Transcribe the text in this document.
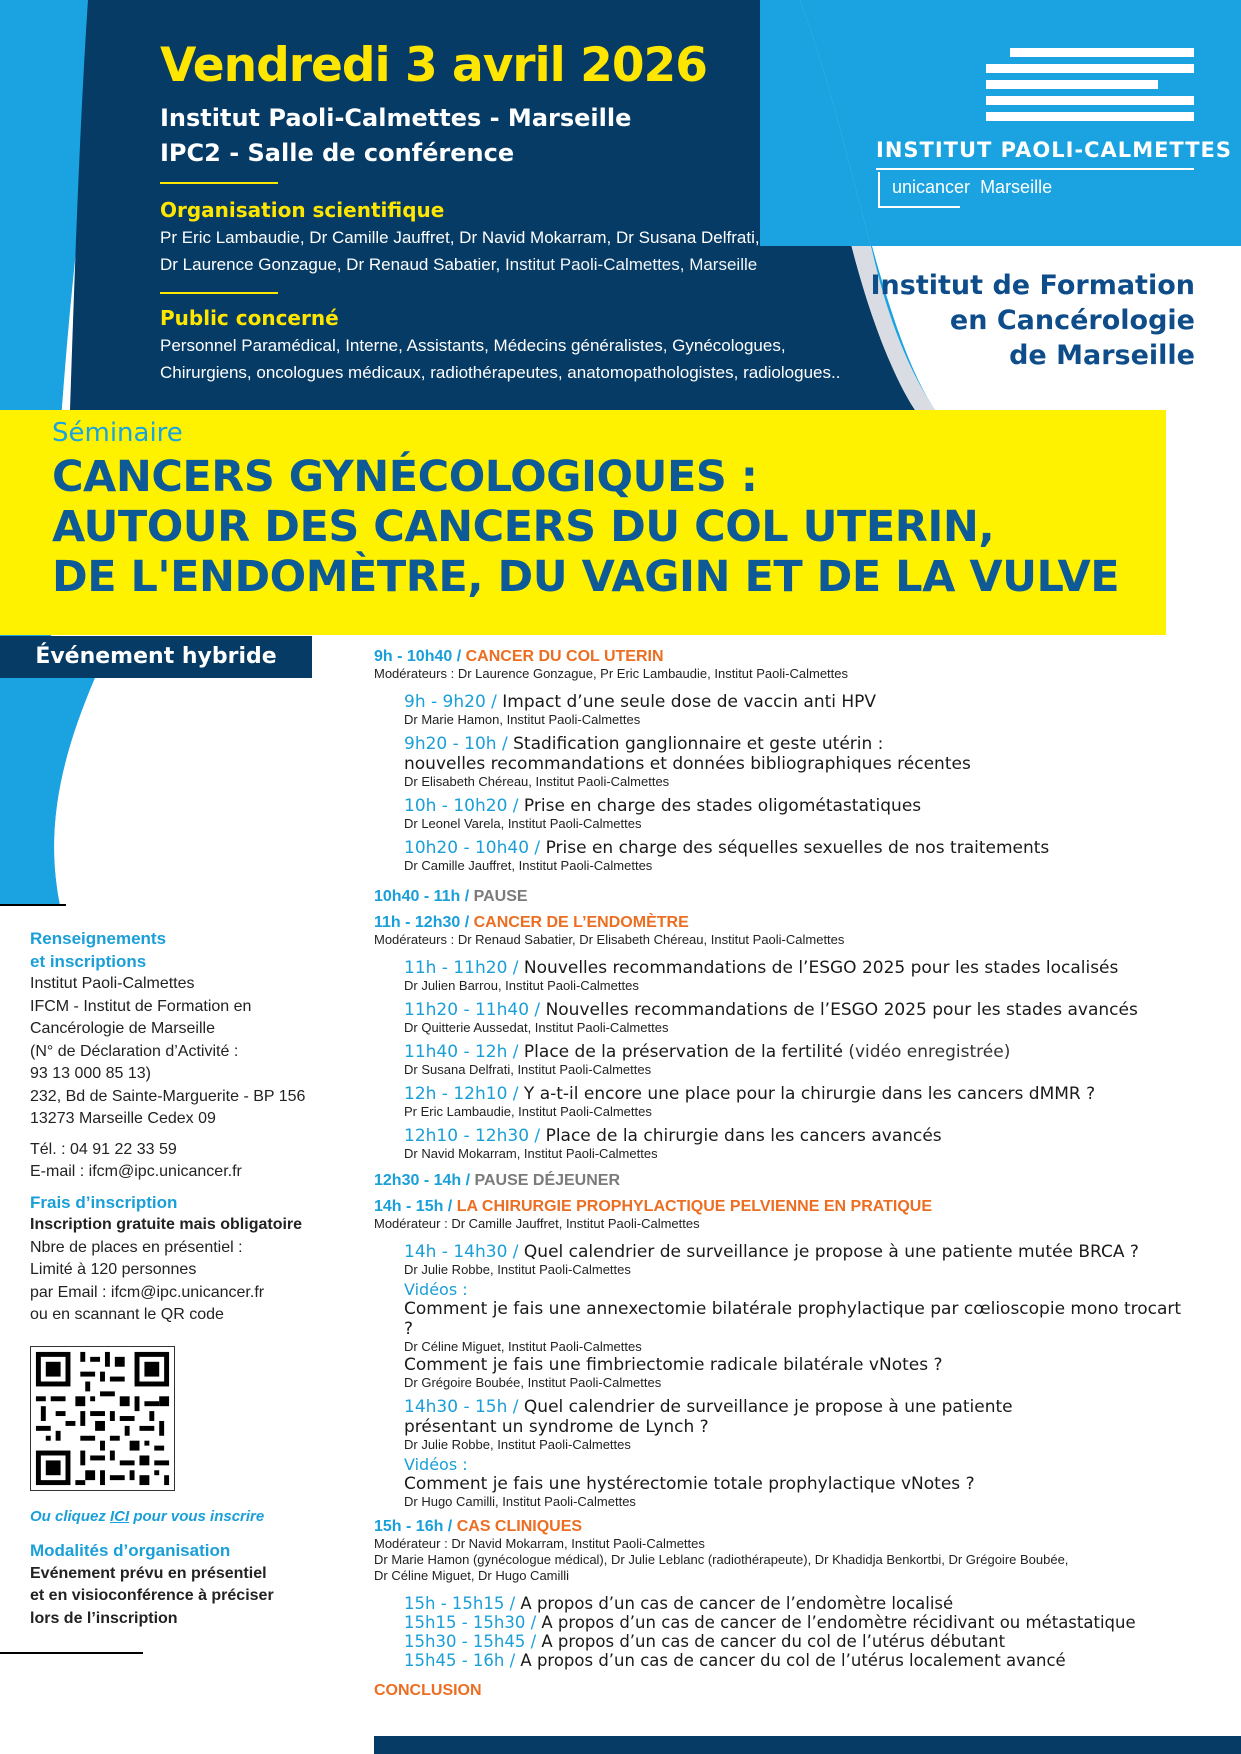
Vendredi 3 avril 2026
Institut Paoli-Calmettes - Marseille
IPC2 - Salle de conférence
Organisation scientifique
Pr Eric Lambaudie, Dr Camille Jauffret, Dr Navid Mokarram, Dr Susana Delfrati,
Dr Laurence Gonzague, Dr Renaud Sabatier, Institut Paoli-Calmettes, Marseille
Public concerné
Personnel Paramédical, Interne, Assistants, Médecins généralistes, Gynécologues,
Chirurgiens, oncologues médicaux, radiothérapeutes, anatomopathologistes, radiologues..
INSTITUT PAOLI-CALMETTES
unicancer Marseille
Institut de Formation
en Cancérologie
de Marseille
Séminaire
CANCERS GYNÉCOLOGIQUES :
AUTOUR DES CANCERS DU COL UTERIN,
DE L'ENDOMÈTRE, DU VAGIN ET DE LA VULVE
Événement hybride
Renseignements
et inscriptions
Institut Paoli-Calmettes
IFCM - Institut de Formation en
Cancérologie de Marseille
(N° de Déclaration d’Activité :
93 13 000 85 13)
232, Bd de Sainte-Marguerite - BP 156
13273 Marseille Cedex 09
Tél. : 04 91 22 33 59
E-mail : ifcm@ipc.unicancer.fr
Frais d’inscription
Inscription gratuite mais obligatoire
Nbre de places en présentiel :
Limité à 120 personnes
par Email : ifcm@ipc.unicancer.fr
ou en scannant le QR code
Ou cliquez ICI pour vous inscrire
Modalités d’organisation
Evénement prévu en présentiel
et en visioconférence à préciser
lors de l’inscription
9h - 10h40 / CANCER DU COL UTERIN
Modérateurs : Dr Laurence Gonzague, Pr Eric Lambaudie, Institut Paoli-Calmettes
9h - 9h20 / Impact d’une seule dose de vaccin anti HPV
Dr Marie Hamon, Institut Paoli-Calmettes
9h20 - 10h / Stadification ganglionnaire et geste utérin :
nouvelles recommandations et données bibliographiques récentes
Dr Elisabeth Chéreau, Institut Paoli-Calmettes
10h - 10h20 / Prise en charge des stades oligométastatiques
Dr Leonel Varela, Institut Paoli-Calmettes
10h20 - 10h40 / Prise en charge des séquelles sexuelles de nos traitements
Dr Camille Jauffret, Institut Paoli-Calmettes
10h40 - 11h / PAUSE
11h - 12h30 / CANCER DE L’ENDOMÈTRE
Modérateurs : Dr Renaud Sabatier, Dr Elisabeth Chéreau, Institut Paoli-Calmettes
11h - 11h20 / Nouvelles recommandations de l’ESGO 2025 pour les stades localisés
Dr Julien Barrou, Institut Paoli-Calmettes
11h20 - 11h40 / Nouvelles recommandations de l’ESGO 2025 pour les stades avancés
Dr Quitterie Aussedat, Institut Paoli-Calmettes
11h40 - 12h / Place de la préservation de la fertilité (vidéo enregistrée)
Dr Susana Delfrati, Institut Paoli-Calmettes
12h - 12h10 / Y a-t-il encore une place pour la chirurgie dans les cancers dMMR ?
Pr Eric Lambaudie, Institut Paoli-Calmettes
12h10 - 12h30 / Place de la chirurgie dans les cancers avancés
Dr Navid Mokarram, Institut Paoli-Calmettes
12h30 - 14h / PAUSE DÉJEUNER
14h - 15h / LA CHIRURGIE PROPHYLACTIQUE PELVIENNE EN PRATIQUE
Modérateur : Dr Camille Jauffret, Institut Paoli-Calmettes
14h - 14h30 / Quel calendrier de surveillance je propose à une patiente mutée BRCA ?
Dr Julie Robbe, Institut Paoli-Calmettes
Vidéos :
Comment je fais une annexectomie bilatérale prophylactique par cœlioscopie mono trocart ?
Dr Céline Miguet, Institut Paoli-Calmettes
Comment je fais une fimbriectomie radicale bilatérale vNotes ?
Dr Grégoire Boubée, Institut Paoli-Calmettes
14h30 - 15h / Quel calendrier de surveillance je propose à une patiente
présentant un syndrome de Lynch ?
Dr Julie Robbe, Institut Paoli-Calmettes
Vidéos :
Comment je fais une hystérectomie totale prophylactique vNotes ?
Dr Hugo Camilli, Institut Paoli-Calmettes
15h - 16h / CAS CLINIQUES
Modérateur : Dr Navid Mokarram, Institut Paoli-Calmettes
Dr Marie Hamon (gynécologue médical), Dr Julie Leblanc (radiothérapeute), Dr Khadidja Benkortbi, Dr Grégoire Boubée,
Dr Céline Miguet, Dr Hugo Camilli
15h - 15h15 / A propos d’un cas de cancer de l’endomètre localisé
15h15 - 15h30 / A propos d’un cas de cancer de l’endomètre récidivant ou métastatique
15h30 - 15h45 / A propos d’un cas de cancer du col de l’utérus débutant
15h45 - 16h / A propos d’un cas de cancer du col de l’utérus localement avancé
CONCLUSION
